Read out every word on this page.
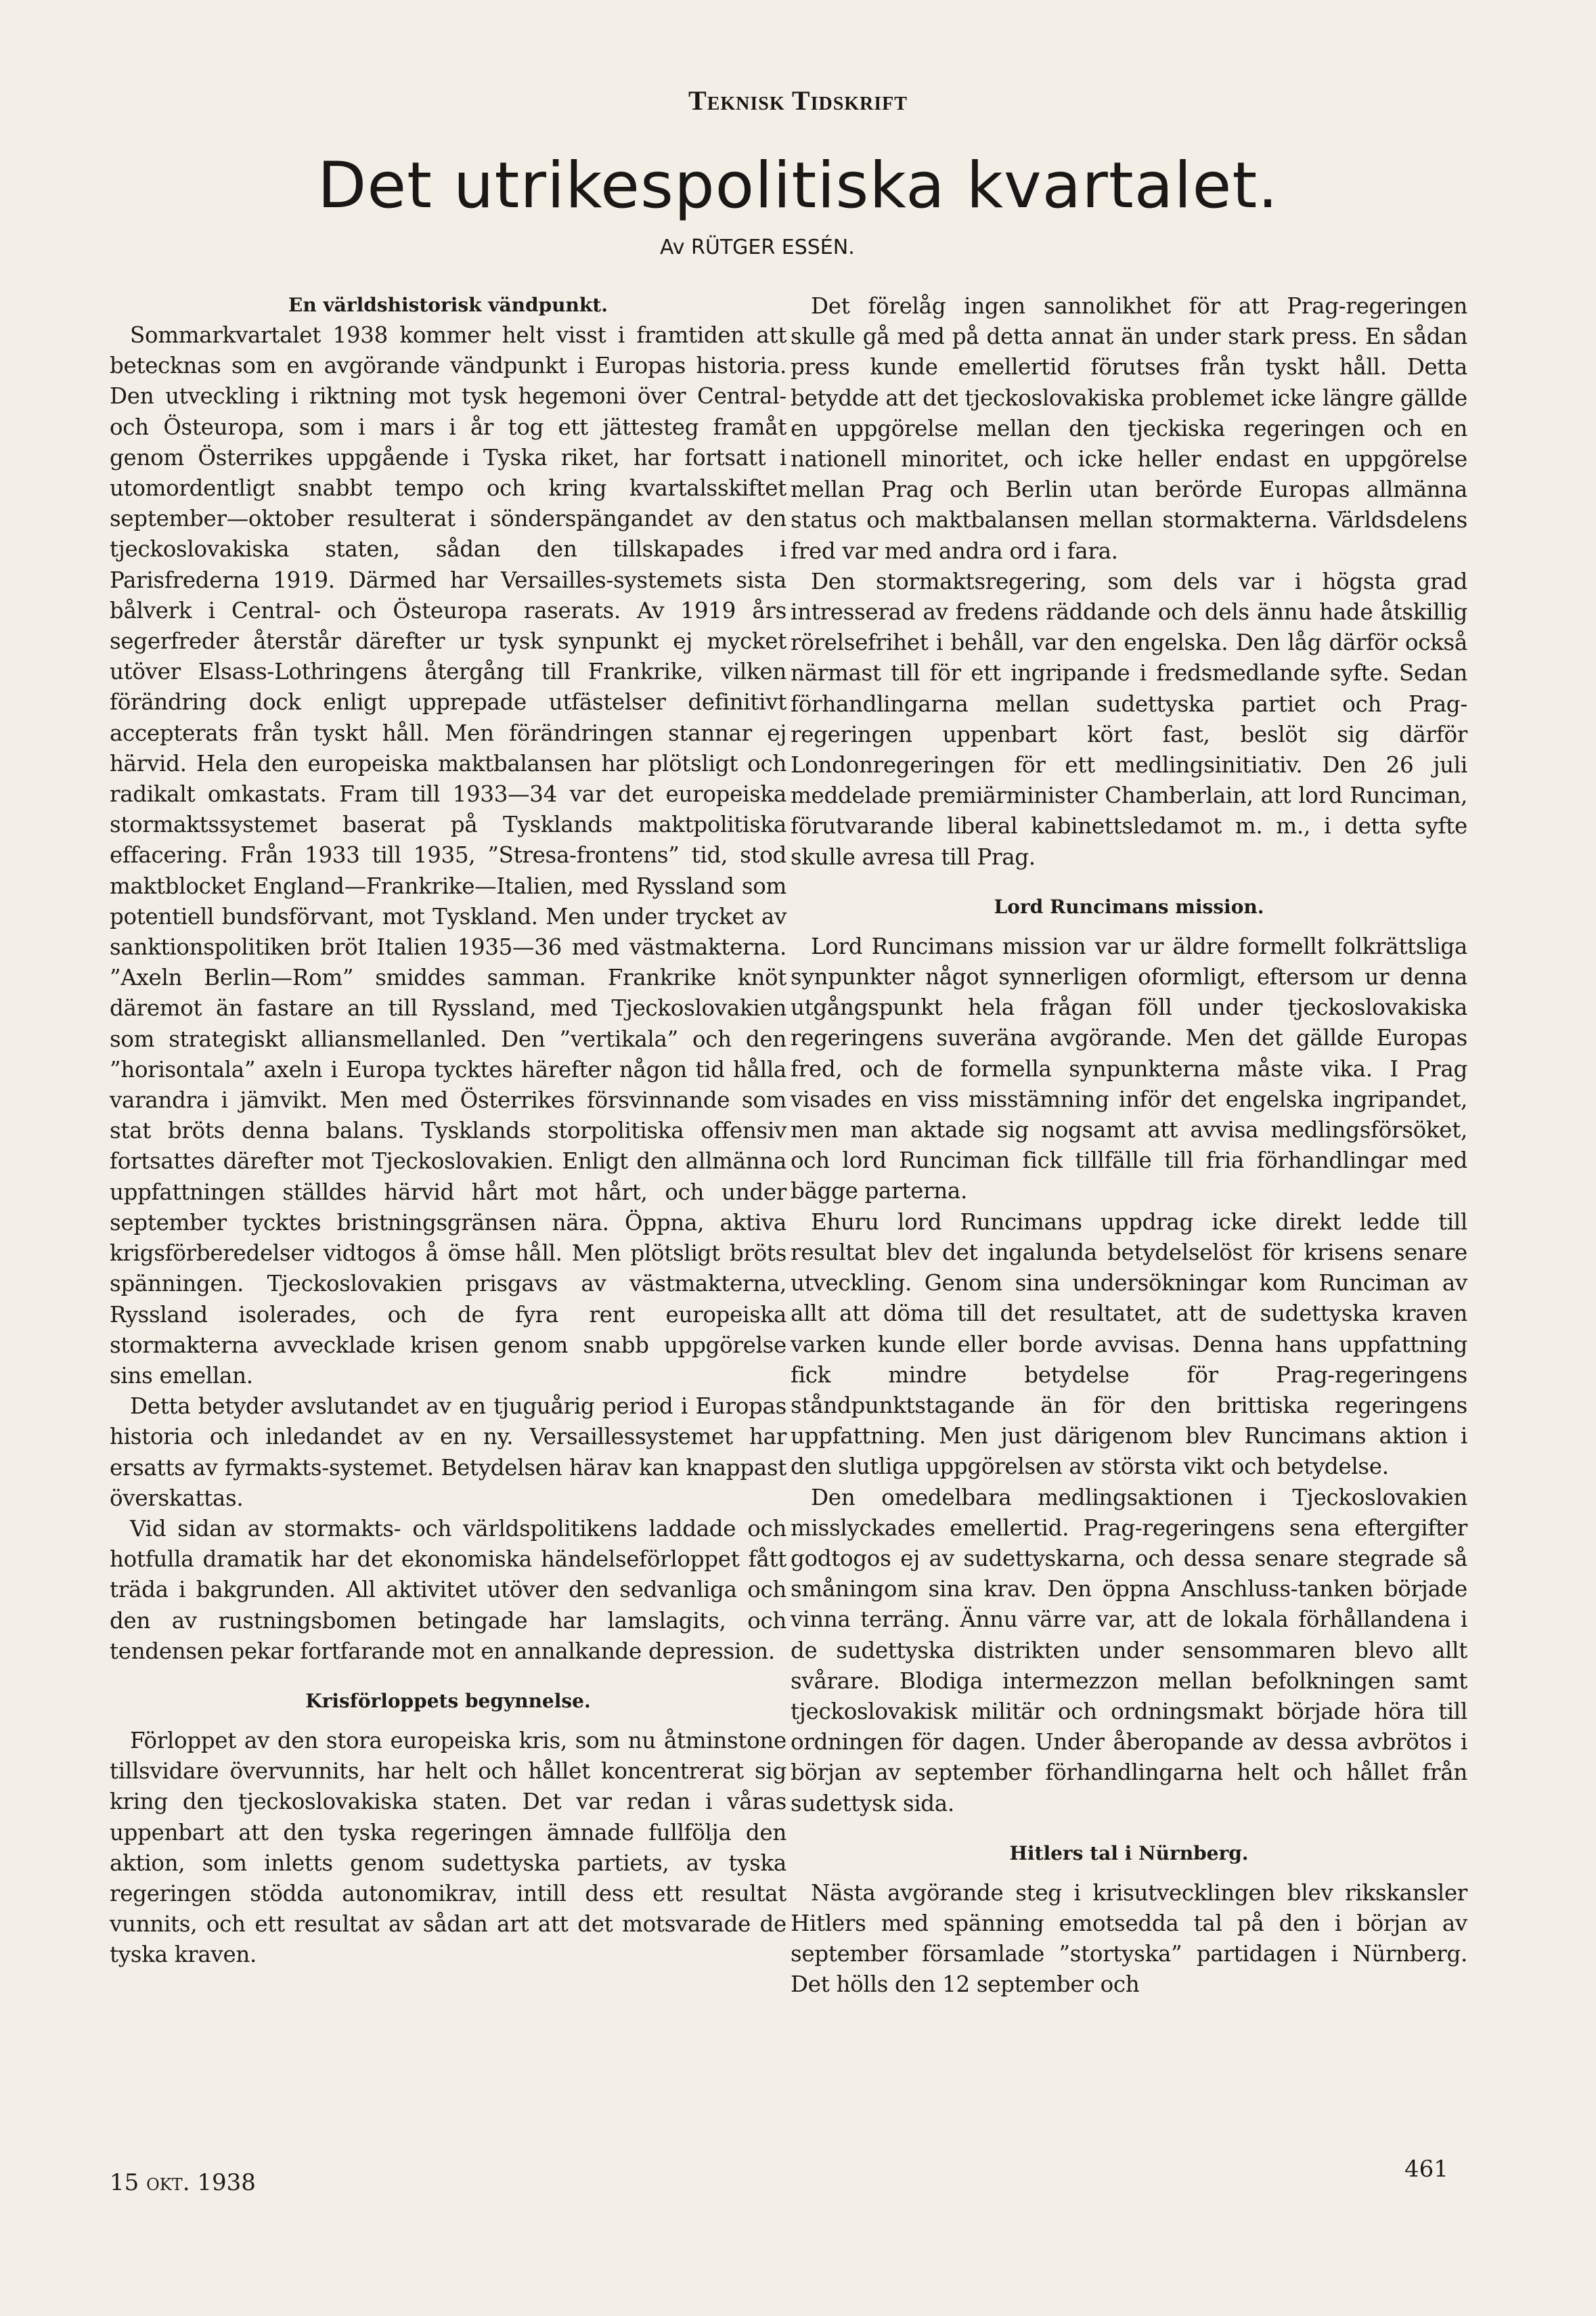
Teknisk Tidskrift
Det utrikespolitiska kvartalet.
Av RÜTGER ESSÉN.
En världshistorisk vändpunkt.

Sommarkvartalet 1938 kommer helt visst i framtiden att betecknas som en avgörande vändpunkt i Europas historia. Den utveckling i riktning mot tysk hegemoni över Central- och Östeuropa, som i mars i år tog ett jättesteg framåt genom Österrikes uppgående i Tyska riket, har fortsatt i utomordentligt snabbt tempo och kring kvartalsskiftet september—oktober resulterat i sönderspängandet av den tjeckoslovakiska staten, sådan den tillskapades i Parisfrederna 1919. Därmed har Versailles-systemets sista bålverk i Central- och Östeuropa raserats. Av 1919 års segerfreder återstår därefter ur tysk synpunkt ej mycket utöver Elsass-Lothringens återgång till Frankrike, vilken förändring dock enligt upprepade utfästelser definitivt accepterats från tyskt håll. Men förändringen stannar ej härvid. Hela den europeiska maktbalansen har plötsligt och radikalt omkastats. Fram till 1933—34 var det europeiska stormaktssystemet baserat på Tysklands maktpolitiska effacering. Från 1933 till 1935, ”Stresa-frontens” tid, stod maktblocket England—Frankrike—Italien, med Ryssland som potentiell bundsförvant, mot Tyskland. Men under trycket av sanktionspolitiken bröt Italien 1935—36 med västmakterna. ”Axeln Berlin—Rom” smiddes samman. Frankrike knöt däremot än fastare an till Ryssland, med Tjeckoslovakien som strategiskt alliansmellanled. Den ”vertikala” och den ”horisontala” axeln i Europa tycktes härefter någon tid hålla varandra i jämvikt. Men med Österrikes försvinnande som stat bröts denna balans. Tysklands storpolitiska offensiv fortsattes därefter mot Tjeckoslovakien. Enligt den allmänna uppfattningen ställdes härvid hårt mot hårt, och under september tycktes bristningsgränsen nära. Öppna, aktiva krigsförberedelser vidtogos å ömse håll. Men plötsligt bröts spänningen. Tjeckoslovakien prisgavs av västmakterna, Ryssland isolerades, och de fyra rent europeiska stormakterna avvecklade krisen genom snabb uppgörelse sins emellan.

Detta betyder avslutandet av en tjuguårig period i Europas historia och inledandet av en ny. Versaillessystemet har ersatts av fyrmakts-systemet. Betydelsen härav kan knappast överskattas.

Vid sidan av stormakts- och världspolitikens laddade och hotfulla dramatik har det ekonomiska händelseförloppet fått träda i bakgrunden. All aktivitet utöver den sedvanliga och den av rustningsbomen betingade har lamslagits, och tendensen pekar fortfarande mot en annalkande depression.

Krisförloppets begynnelse.

Förloppet av den stora europeiska kris, som nu åtminstone tillsvidare övervunnits, har helt och hållet koncentrerat sig kring den tjeckoslovakiska staten. Det var redan i våras uppenbart att den tyska regeringen ämnade fullfölja den aktion, som inletts genom sudettyska partiets, av tyska regeringen stödda autonomikrav, intill dess ett resultat vunnits, och ett resultat av sådan art att det motsvarade de tyska kraven.

Det förelåg ingen sannolikhet för att Prag-regeringen skulle gå med på detta annat än under stark press. En sådan press kunde emellertid förutses från tyskt håll. Detta betydde att det tjeckoslovakiska problemet icke längre gällde en uppgörelse mellan den tjeckiska regeringen och en nationell minoritet, och icke heller endast en uppgörelse mellan Prag och Berlin utan berörde Europas allmänna status och maktbalansen mellan stormakterna. Världsdelens fred var med andra ord i fara.

Den stormaktsregering, som dels var i högsta grad intresserad av fredens räddande och dels ännu hade åtskillig rörelsefrihet i behåll, var den engelska. Den låg därför också närmast till för ett ingripande i fredsmedlande syfte. Sedan förhandlingarna mellan sudettyska partiet och Prag-regeringen uppenbart kört fast, beslöt sig därför Londonregeringen för ett medlingsinitiativ. Den 26 juli meddelade premiärminister Chamberlain, att lord Runciman, förutvarande liberal kabinettsledamot m. m., i detta syfte skulle avresa till Prag.

Lord Runcimans mission.

Lord Runcimans mission var ur äldre formellt folkrättsliga synpunkter något synnerligen oformligt, eftersom ur denna utgångspunkt hela frågan föll under tjeckoslovakiska regeringens suveräna avgörande. Men det gällde Europas fred, och de formella synpunkterna måste vika. I Prag visades en viss misstämning inför det engelska ingripandet, men man aktade sig nogsamt att avvisa medlingsförsöket, och lord Runciman fick tillfälle till fria förhandlingar med bägge parterna.

Ehuru lord Runcimans uppdrag icke direkt ledde till resultat blev det ingalunda betydelselöst för krisens senare utveckling. Genom sina undersökningar kom Runciman av allt att döma till det resultatet, att de sudettyska kraven varken kunde eller borde avvisas. Denna hans uppfattning fick mindre betydelse för Prag-regeringens ståndpunktstagande än för den brittiska regeringens uppfattning. Men just därigenom blev Runcimans aktion i den slutliga uppgörelsen av största vikt och betydelse.

Den omedelbara medlingsaktionen i Tjeckoslovakien misslyckades emellertid. Prag-regeringens sena eftergifter godtogos ej av sudettyskarna, och dessa senare stegrade så småningom sina krav. Den öppna Anschluss-tanken började vinna terräng. Ännu värre var, att de lokala förhållandena i de sudettyska distrikten under sensommaren blevo allt svårare. Blodiga intermezzon mellan befolkningen samt tjeckoslovakisk militär och ordningsmakt började höra till ordningen för dagen. Under åberopande av dessa avbrötos i början av september förhandlingarna helt och hållet från sudettysk sida.

Hitlers tal i Nürnberg.

Nästa avgörande steg i krisutvecklingen blev rikskansler Hitlers med spänning emotsedda tal på den i början av september församlade ”stortyska” partidagen i Nürnberg. Det hölls den 12 september och

15 okt. 1938	461
